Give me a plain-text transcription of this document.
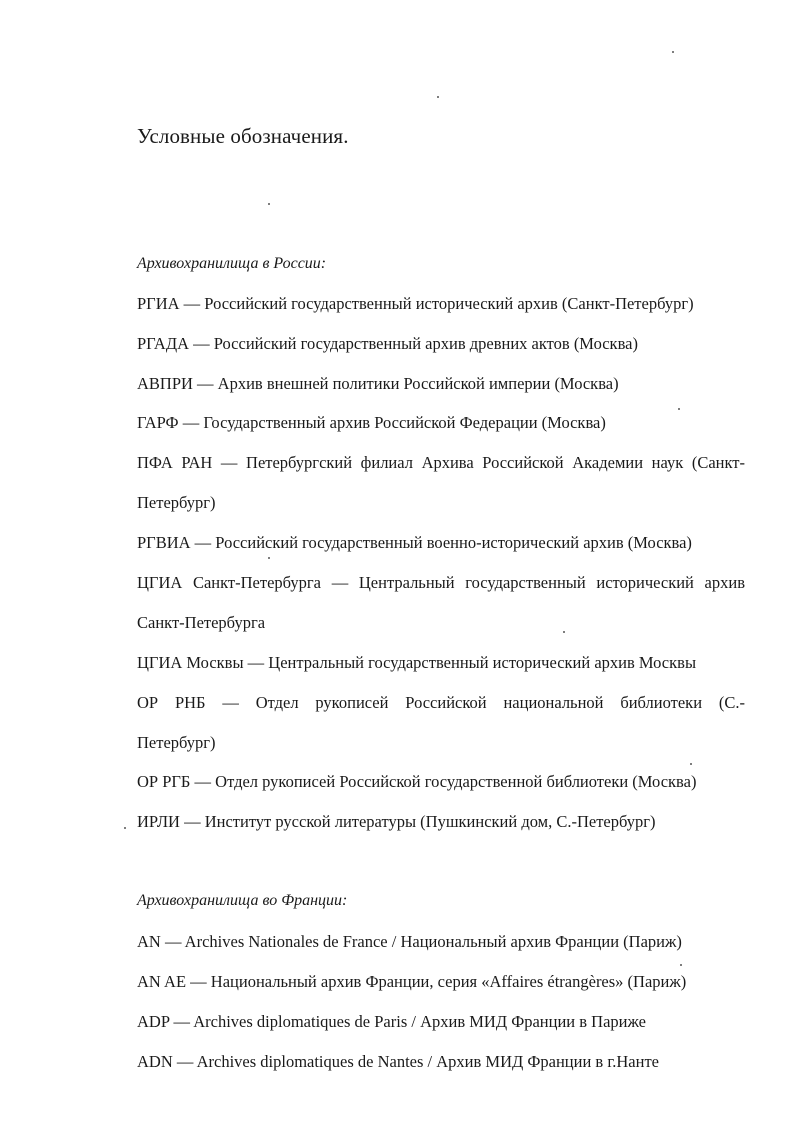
Условные обозначения.
Архивохранилища в России:
РГИА — Российский государственный исторический архив (Санкт-Петербург)
РГАДА — Российский государственный архив древних актов (Москва)
АВПРИ — Архив внешней политики Российской империи (Москва)
ГАРФ — Государственный архив Российской Федерации (Москва)
ПФА РАН — Петербургский филиал Архива Российской Академии наук (Санкт-
Петербург)
РГВИА — Российский государственный военно-исторический архив (Москва)
ЦГИА Санкт-Петербурга — Центральный государственный исторический архив
Санкт-Петербурга
ЦГИА Москвы — Центральный государственный исторический архив Москвы
ОР РНБ — Отдел рукописей Российской национальной библиотеки (С.-
Петербург)
ОР РГБ — Отдел рукописей Российской государственной библиотеки (Москва)
ИРЛИ — Институт русской литературы (Пушкинский дом, С.-Петербург)
Архивохранилища во Франции:
AN — Archives Nationales de France / Национальный архив Франции (Париж)
AN AE — Национальный архив Франции, серия «Affaires étrangères» (Париж)
ADP — Archives diplomatiques de Paris / Архив МИД Франции в Париже
ADN — Archives diplomatiques de Nantes / Архив МИД Франции в г.Нанте
